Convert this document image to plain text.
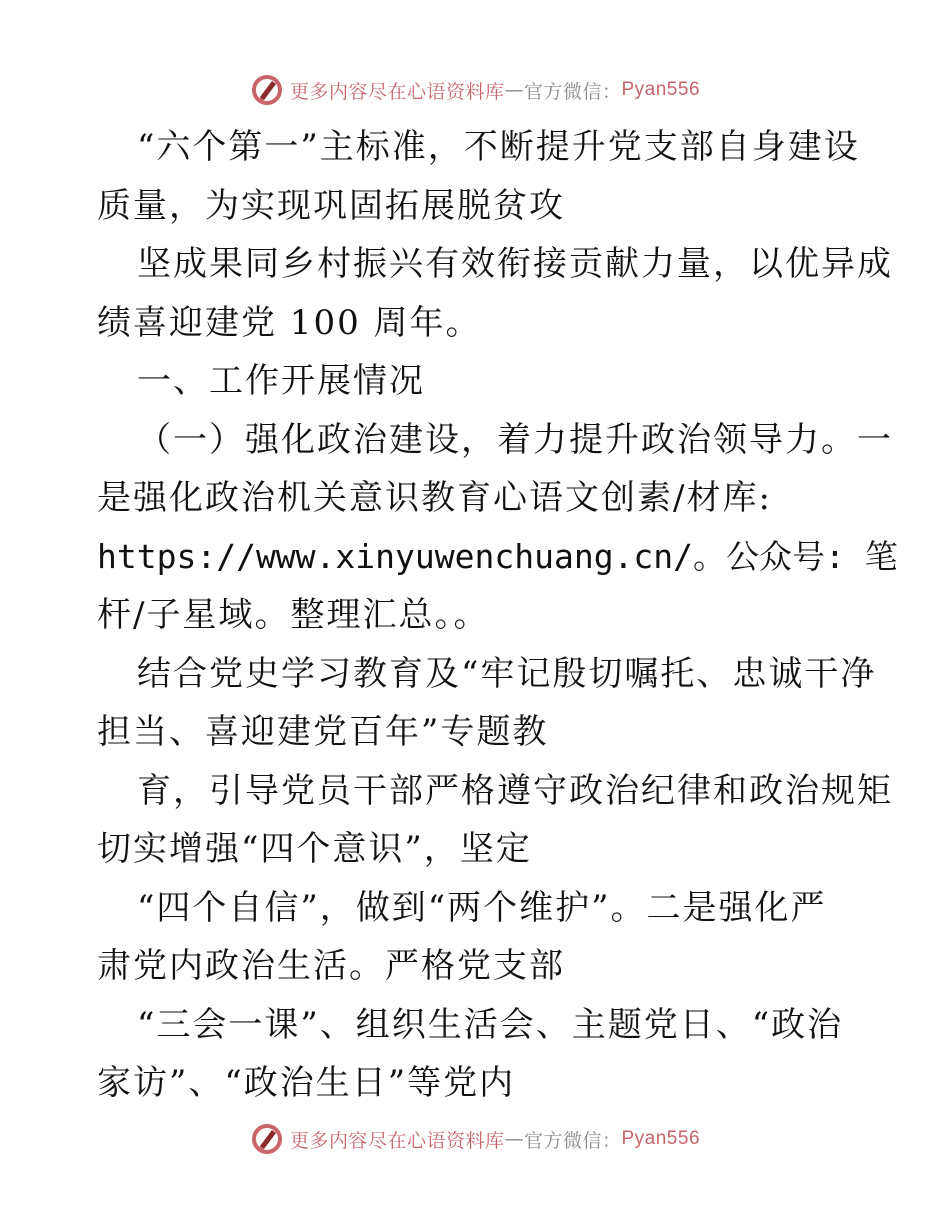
更多内容尽在心语资料库 — 官方微信： Pyan556
“六个第一”主标准，不断提升党支部自身建设
质量，为实现巩固拓展脱贫攻
坚成果同乡村振兴有效衔接贡献力量，以优异成
绩喜迎建党 100 周年。
一、工作开展情况
（一）强化政治建设，着力提升政治领导力。一
是强化政治机关意识教育心语文创素/材库:
https://www.xinyuwenchuang.cn/。公众号: 笔
杆/子星域。整理汇总。。
结合党史学习教育及“牢记殷切嘱托、忠诚干净
担当、喜迎建党百年”专题教
育，引导党员干部严格遵守政治纪律和政治规矩
切实增强“四个意识”，坚定
“四个自信”，做到“两个维护”。二是强化严
肃党内政治生活。严格党支部
“三会一课”、组织生活会、主题党日、“政治
家访”、“政治生日”等党内
更多内容尽在心语资料库 — 官方微信： Pyan556
